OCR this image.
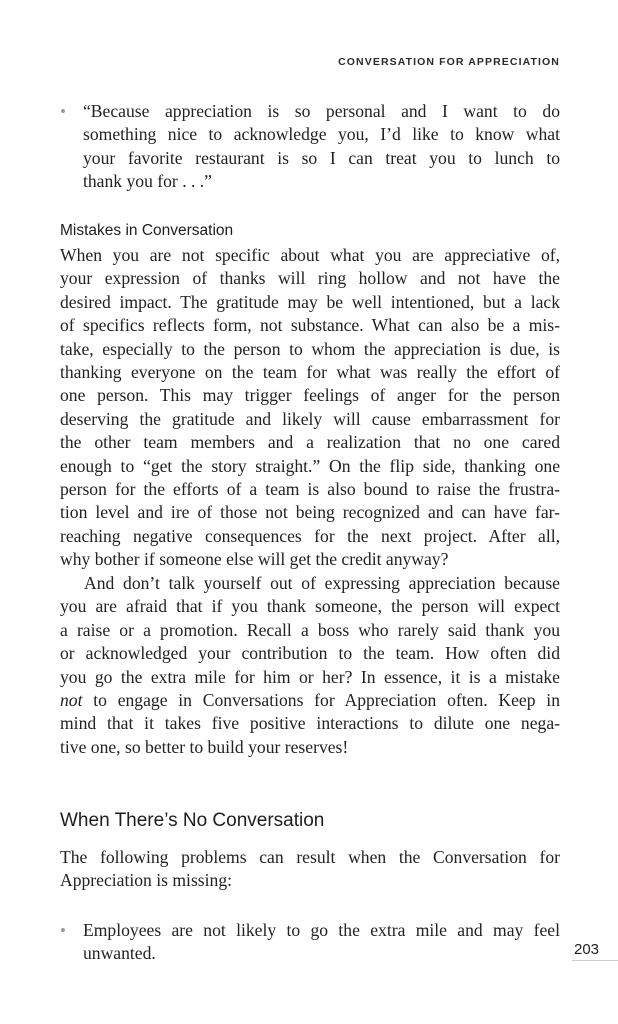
CONVERSATION FOR APPRECIATION
• “Because appreciation is so personal and I want to do
something nice to acknowledge you, I’d like to know what
your favorite restaurant is so I can treat you to lunch to
thank you for . . .”
Mistakes in Conversation
When you are not specific about what you are appreciative of,
your expression of thanks will ring hollow and not have the
desired impact. The gratitude may be well intentioned, but a lack
of specifics reflects form, not substance. What can also be a mis-
take, especially to the person to whom the appreciation is due, is
thanking everyone on the team for what was really the effort of
one person. This may trigger feelings of anger for the person
deserving the gratitude and likely will cause embarrassment for
the other team members and a realization that no one cared
enough to “get the story straight.” On the flip side, thanking one
person for the efforts of a team is also bound to raise the frustra-
tion level and ire of those not being recognized and can have far-
reaching negative consequences for the next project. After all,
why bother if someone else will get the credit anyway?
And don’t talk yourself out of expressing appreciation because
you are afraid that if you thank someone, the person will expect
a raise or a promotion. Recall a boss who rarely said thank you
or acknowledged your contribution to the team. How often did
you go the extra mile for him or her? In essence, it is a mistake
not to engage in Conversations for Appreciation often. Keep in
mind that it takes five positive interactions to dilute one nega-
tive one, so better to build your reserves!
When There’s No Conversation
The following problems can result when the Conversation for
Appreciation is missing:
• Employees are not likely to go the extra mile and may feel
unwanted.	203
